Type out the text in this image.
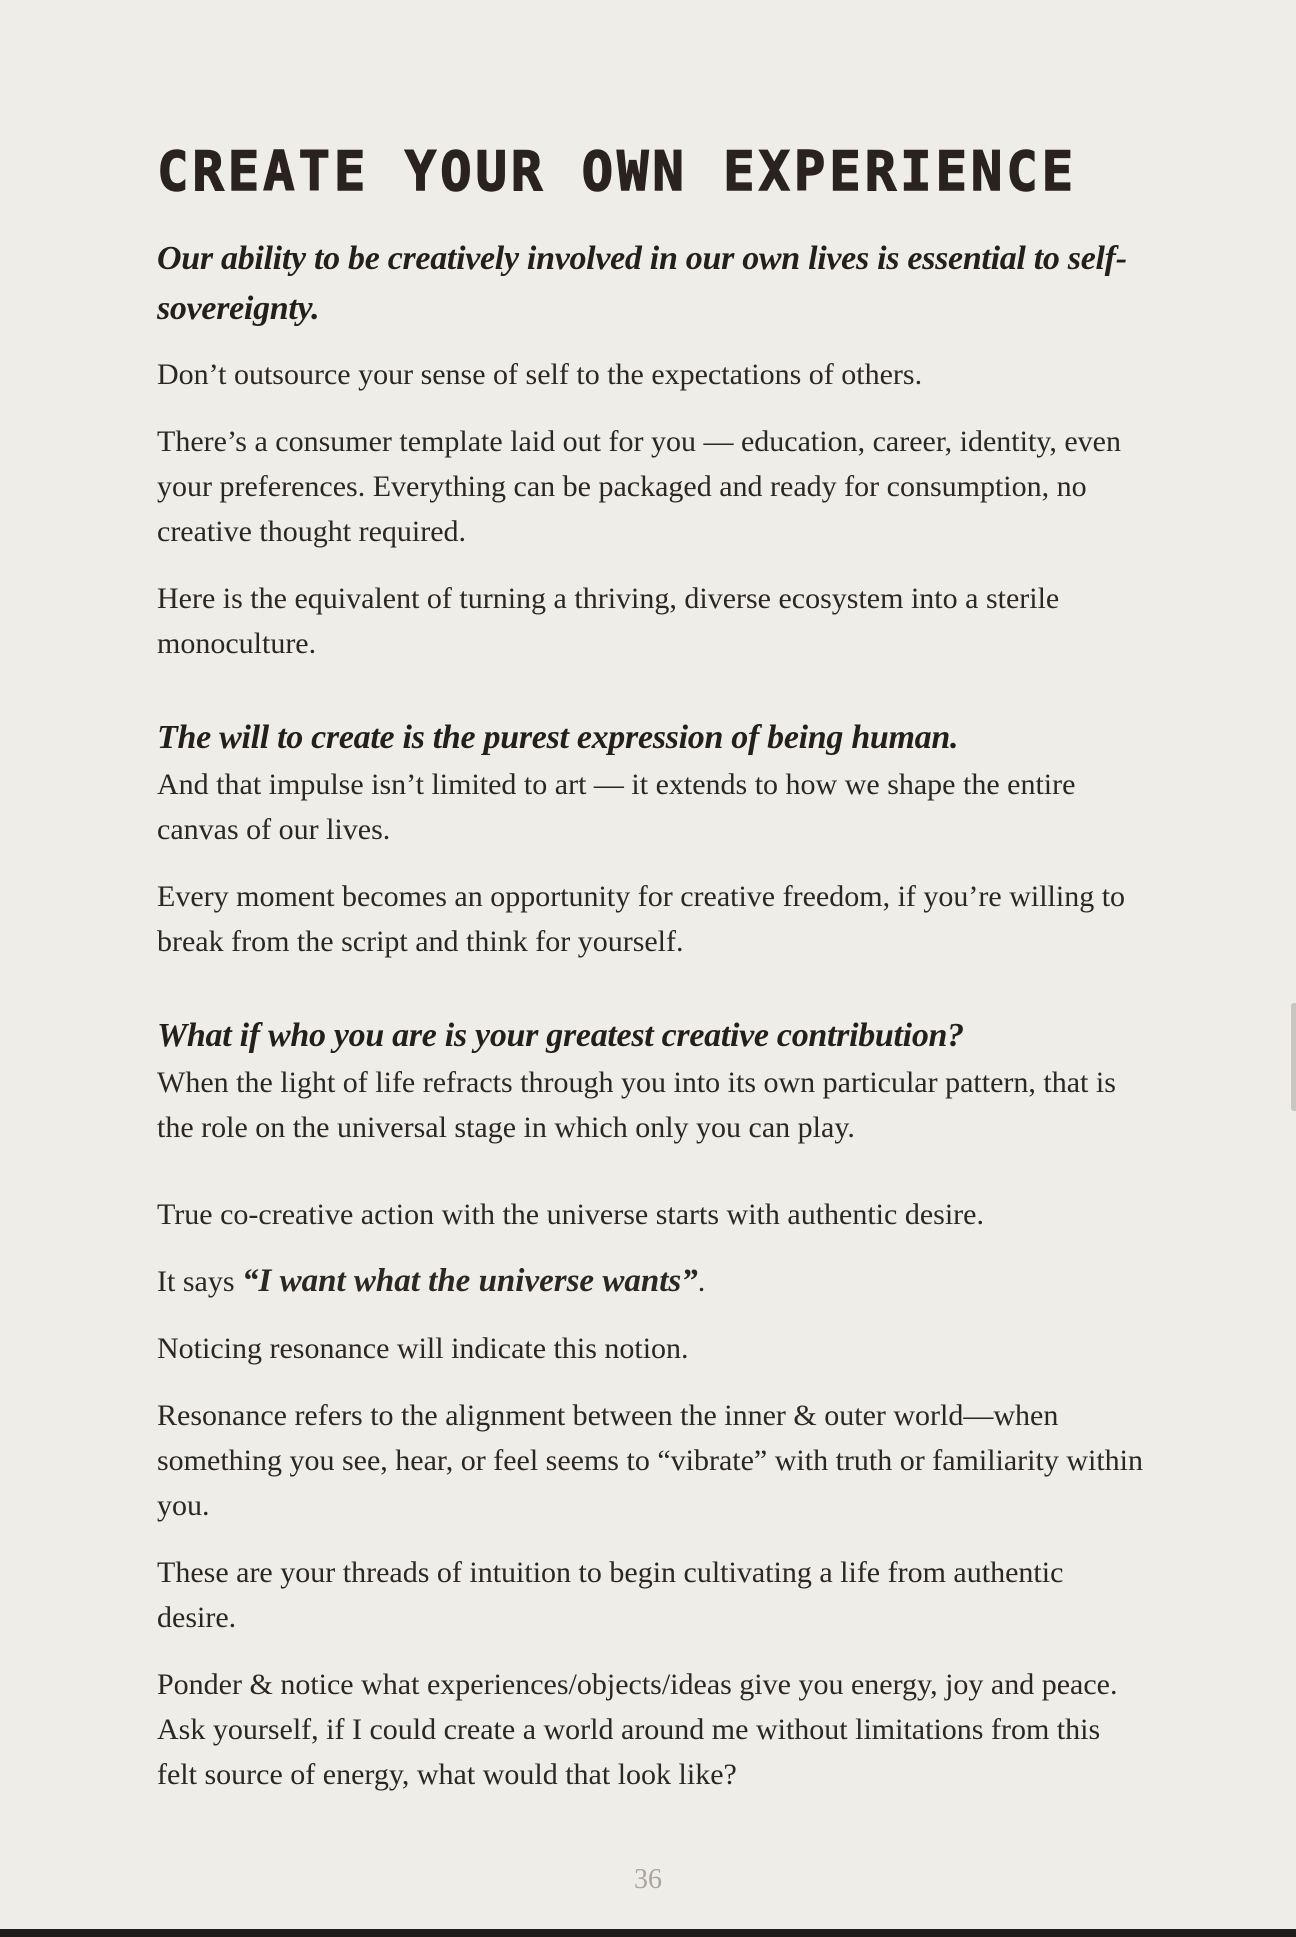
CREATE YOUR OWN EXPERIENCE

Our ability to be creatively involved in our own lives is essential to self-sovereignty.

Don’t outsource your sense of self to the expectations of others.

There’s a consumer template laid out for you — education, career, identity, even your preferences. Everything can be packaged and ready for consumption, no creative thought required.

Here is the equivalent of turning a thriving, diverse ecosystem into a sterile monoculture.

The will to create is the purest expression of being human.

And that impulse isn’t limited to art — it extends to how we shape the entire canvas of our lives.

Every moment becomes an opportunity for creative freedom, if you’re willing to break from the script and think for yourself.

What if who you are is your greatest creative contribution?

When the light of life refracts through you into its own particular pattern, that is the role on the universal stage in which only you can play.

True co-creative action with the universe starts with authentic desire.

It says “I want what the universe wants”.

Noticing resonance will indicate this notion.

Resonance refers to the alignment between the inner & outer world—when something you see, hear, or feel seems to “vibrate” with truth or familiarity within you.

These are your threads of intuition to begin cultivating a life from authentic desire.

Ponder & notice what experiences/objects/ideas give you energy, joy and peace. Ask yourself, if I could create a world around me without limitations from this felt source of energy, what would that look like?

36
